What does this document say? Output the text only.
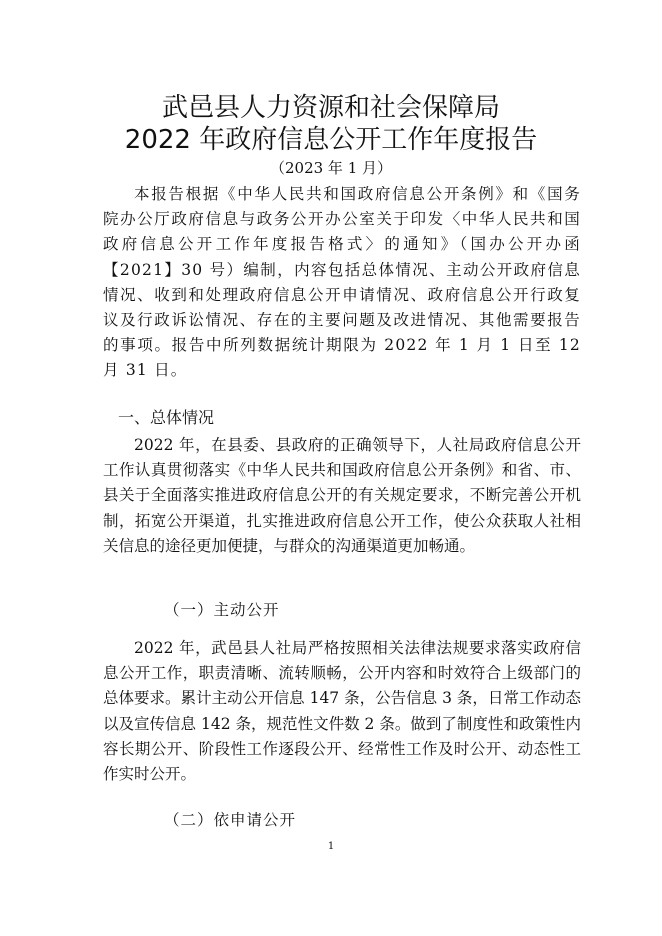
武邑县人力资源和社会保障局
2022 年政府信息公开工作年度报告
（2023 年 1 月）

本报告根据《中华人民共和国政府信息公开条例》和《国务院办公厅政府信息与政务公开办公室关于印发〈中华人民共和国政府信息公开工作年度报告格式〉的通知》（国办公开办函【2021】30 号）编制，内容包括总体情况、主动公开政府信息情况、收到和处理政府信息公开申请情况、政府信息公开行政复议及行政诉讼情况、存在的主要问题及改进情况、其他需要报告的事项。报告中所列数据统计期限为 2022 年 1 月 1 日至 12 月 31 日。

一、总体情况

2022 年，在县委、县政府的正确领导下，人社局政府信息公开工作认真贯彻落实《中华人民共和国政府信息公开条例》和省、市、县关于全面落实推进政府信息公开的有关规定要求，不断完善公开机制，拓宽公开渠道，扎实推进政府信息公开工作，使公众获取人社相关信息的途径更加便捷，与群众的沟通渠道更加畅通。

（一）主动公开

2022 年，武邑县人社局严格按照相关法律法规要求落实政府信息公开工作，职责清晰、流转顺畅，公开内容和时效符合上级部门的总体要求。累计主动公开信息 147 条，公告信息 3 条，日常工作动态以及宣传信息 142 条，规范性文件数 2 条。做到了制度性和政策性内容长期公开、阶段性工作逐段公开、经常性工作及时公开、动态性工作实时公开。

（二）依申请公开
1
